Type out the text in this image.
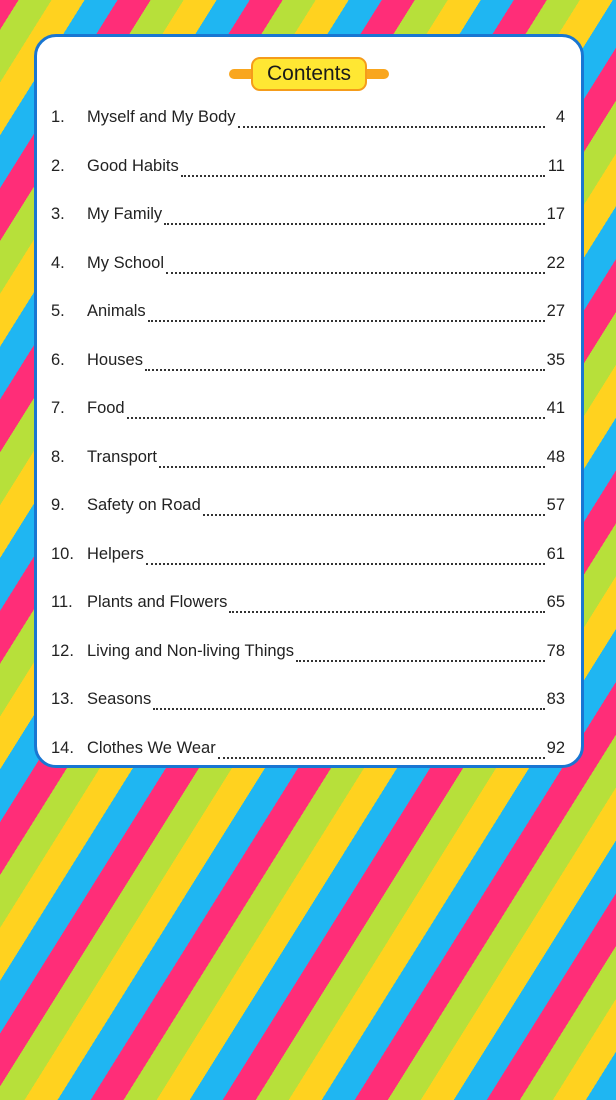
Contents
1.	Myself and My Body	4
2.	Good Habits	11
3.	My Family	17
4.	My School	22
5.	Animals	27
6.	Houses	35
7.	Food	41
8.	Transport	48
9.	Safety on Road	57
10. Helpers	61
11. Plants and Flowers	65
12. Living and Non-living Things	78
13. Seasons	83
14. Clothes We Wear	92
